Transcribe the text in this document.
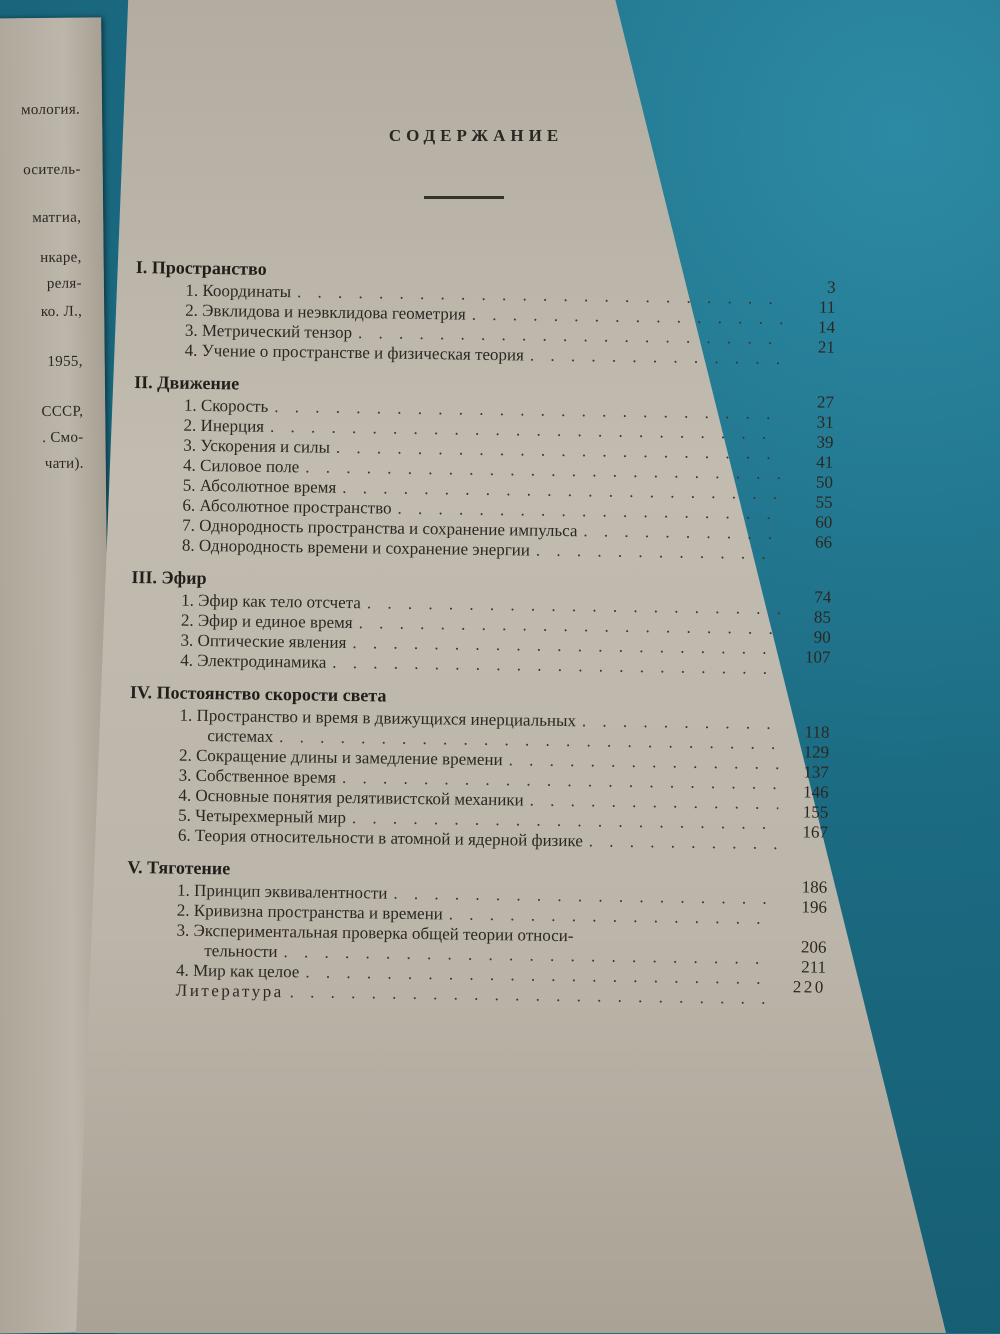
мология.
оситель-
матгиа,
нкаре,
реля-
ко. Л.,
1955,
СССР,
. Смо-
чати).
СОДЕРЖАНИЕ
I. Пространство
1. Координаты . . .	3
2. Эвклидова и неэвклидова геометрия . . .	11
3. Метрический тензор . . .	14
4. Учение о пространстве и физическая теория . . .	21
II. Движение
1. Скорость . . .	27
2. Инерция . . .	31
3. Ускорения и силы . . .	39
4. Силовое поле . . .	41
5. Абсолютное время . . .	50
6. Абсолютное пространство . . .	55
7. Однородность пространства и сохранение импульса . . .	60
8. Однородность времени и сохранение энергии . . .	66
III. Эфир
1. Эфир как тело отсчета . . .	74
2. Эфир и единое время . . .	85
3. Оптические явления . . .	90
4. Электродинамика . . .	107
IV. Постоянство скорости света
1. Пространство и время в движущихся инерциальных
. . .
системах . . .	118
2. Сокращение длины и замедление времени . . .	129
3. Собственное время . . .	137
4. Основные понятия релятивистской механики . . .	146
5. Четырехмерный мир . . .	155
6. Теория относительности в атомной и ядерной физике . . .	167
V. Тяготение
1. Принцип эквивалентности . . .	186
2. Кривизна пространства и времени . . .	196
3. Экспериментальная проверка общей теории относи-
тельности . . .	206
4. Мир как целое . . .	211
Литература . . .	220
